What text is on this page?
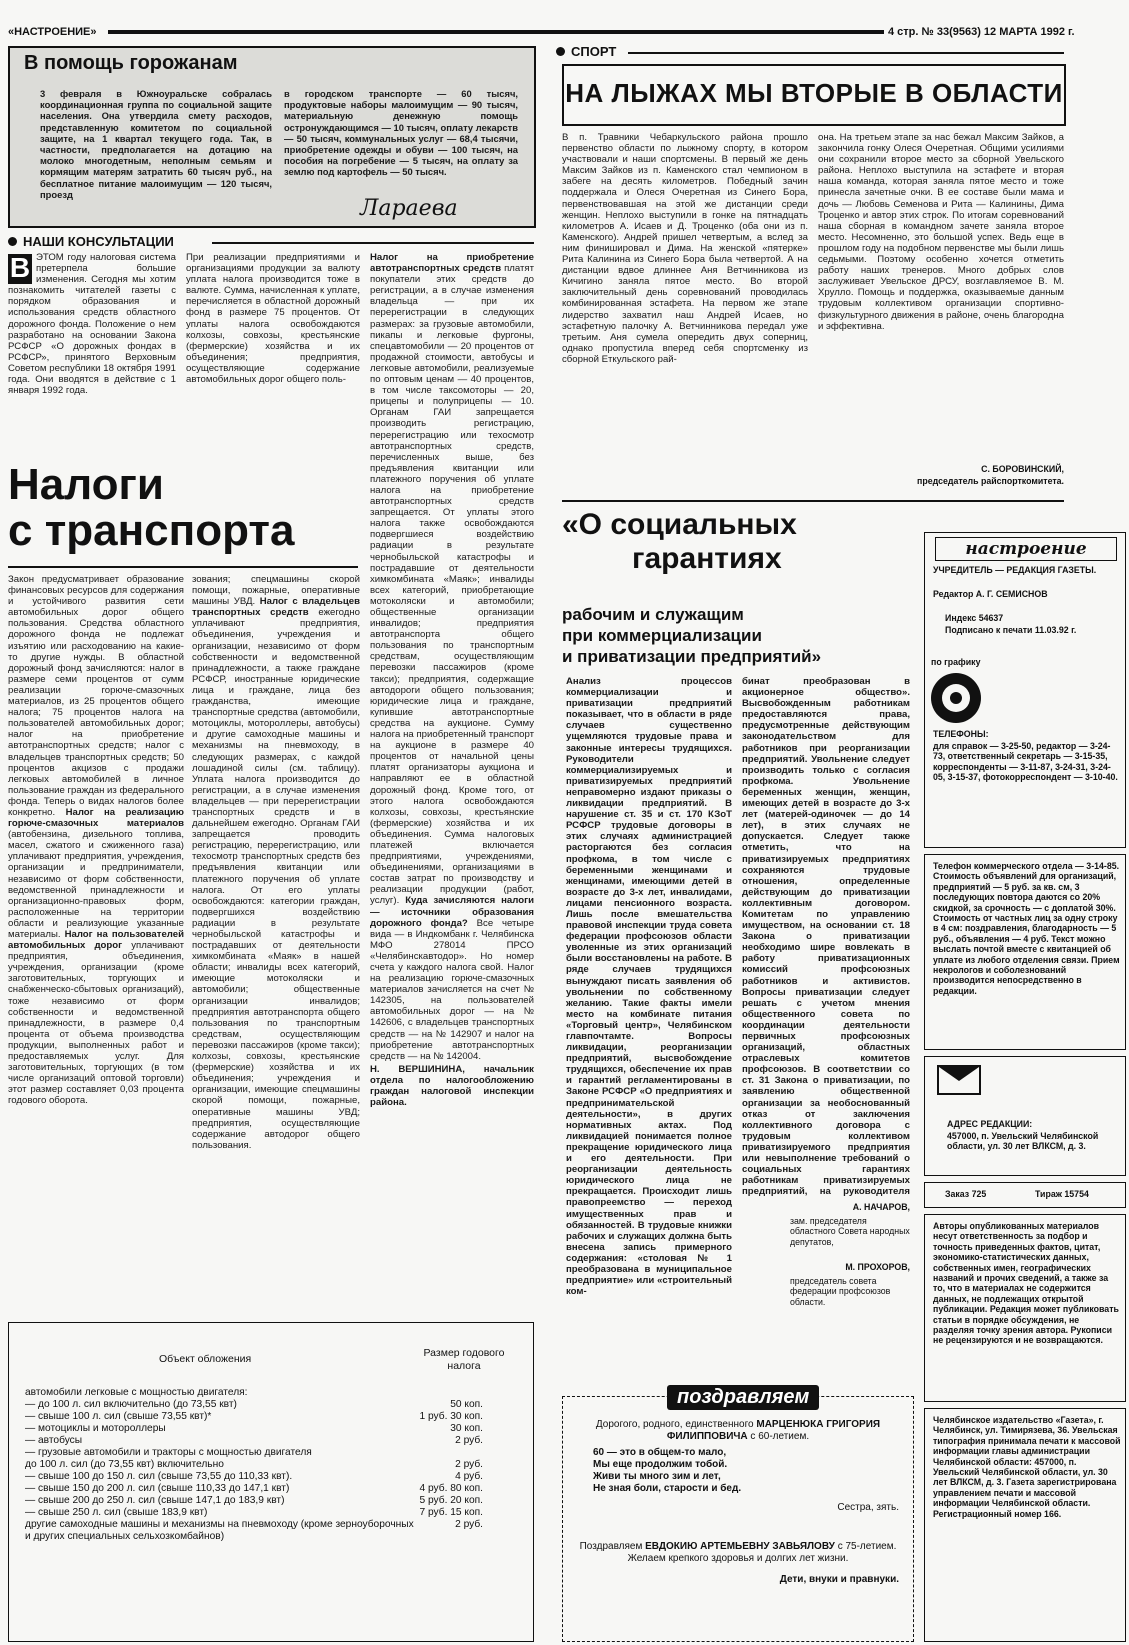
«НАСТРОЕНИЕ»	4 стр. № 33(9563) 12 МАРТА 1992 г.
В помощь горожанам
3 февраля в Южноуральске собралась координационная группа по социальной защите населения. Она утвердила смету расходов, представленную комитетом по социальной защите, на 1 квартал текущего года. Так, в частности, предполагается на дотацию на молоко многодетным, неполным семьям и кормящим матерям затратить 60 тысяч руб., на бесплатное питание малоимущим — 120 тысяч, проезд
в городском транспорте — 60 тысяч, продуктовые наборы малоимущим — 90 тысяч, материальную денежную помощь остронуждающимся — 10 тысяч, оплату лекарств — 50 тысяч, коммунальных услуг — 68,4 тысячи, приобретение одежды и обуви — 100 тысяч, на пособия на погребение — 5 тысяч, на оплату за землю под картофель — 50 тысяч.
Лараева
НАШИ КОНСУЛЬТАЦИИ
В ЭТОМ году налоговая система претерпела большие изменения. Сегодня мы хотим познакомить читателей газеты с порядком образования и использования средств областного дорожного фонда. Положение о нем разработано на основании Закона РСФСР «О дорожных фондах в РСФСР», принятого Верховным Советом республики 18 октября 1991 года. Они вводятся в действие с 1 января 1992 года.
При реализации предприятиями и организациями продукции за валюту уплата налога производится тоже в валюте. Сумма, начисленная к уплате, перечисляется в областной дорожный фонд в размере 75 процентов. От уплаты налога освобождаются колхозы, совхозы, крестьянские (фермерские) хозяйства и их объединения; предприятия, осуществляющие содержание автомобильных дорог общего поль-
Налог на приобретение автотранспортных средств платят покупатели этих средств до регистрации, а в случае изменения владельца — при их перерегистрации в следующих размерах: за грузовые автомобили, пикапы и легковые фургоны, спецавтомобили — 20 процентов от продажной стоимости, автобусы и легковые автомобили, реализуемые по оптовым ценам — 40 процентов, в том числе таксомоторы — 20, прицепы и полуприцепы — 10. Органам ГАИ запрещается производить регистрацию, перерегистрацию или техосмотр автотранспортных средств, перечисленных выше, без предъявления квитанции или платежного поручения об уплате налога на приобретение автотранспортных средств запрещается. От уплаты этого налога также освобождаются подвергшиеся воздействию радиации в результате чернобыльской катастрофы и пострадавшие от деятельности химкомбината «Маяк»; инвалиды всех категорий, приобретающие мотоколяски и автомобили; общественные организации инвалидов; предприятия автотранспорта общего пользования по транспортным средствам, осуществляющим перевозки пассажиров (кроме такси); предприятия, содержащие автодороги общего пользования; юридические лица и граждане, купившие автотранспортные средства на аукционе. Сумму налога на приобретенный транспорт на аукционе в размере 40 процентов от начальной цены платят организаторы аукциона и направляют ее в областной дорожный фонд. Кроме того, от этого налога освобождаются колхозы, совхозы, крестьянские (фермерские) хозяйства и их объединения. Сумма налоговых платежей включается предприятиями, учреждениями, объединениями, организациями в состав затрат по производству и реализации продукции (работ, услуг). Куда зачисляются налоги — источники образования дорожного фонда? Все четыре вида — в Индкомбанк г. Челябинска МФО 278014 ПРСО «Челябинскавтодор». Но номер счета у каждого налога свой. Налог на реализацию горюче-смазочных материалов зачисляется на счет № 142305, на пользователей автомобильных дорог — на № 142606, с владельцев транспортных средств — на № 142907 и налог на приобретение автотранспортных средств — на № 142004.
Н. ВЕРШИНИНА, начальник отдела по налогообложению граждан налоговой инспекции района.
Налоги
с транспорта
Закон предусматривает образование финансовых ресурсов для содержания и устойчивого развития сети автомобильных дорог общего пользования. Средства областного дорожного фонда не подлежат изъятию или расходованию на какие-то другие нужды. В областной дорожный фонд зачисляются: налог в размере семи процентов от сумм реализации горюче-смазочных материалов, из 25 процентов общего налога; 75 процентов налога на пользователей автомобильных дорог; налог на приобретение автотранспортных средств; налог с владельцев транспортных средств; 50 процентов акцизов с продажи легковых автомобилей в личное пользование граждан из федерального фонда. Теперь о видах налогов более конкретно. Налог на реализацию горюче-смазочных материалов (автобензина, дизельного топлива, масел, сжатого и сжиженного газа) уплачивают предприятия, учреждения, организации и предприниматели, независимо от форм собственности, ведомственной принадлежности и организационно-правовых форм, расположенные на территории области и реализующие указанные материалы. Налог на пользователей автомобильных дорог уплачивают предприятия, объединения, учреждения, организации (кроме заготовительных, торгующих и снабженческо-сбытовых организаций), тоже независимо от форм собственности и ведомственной принадлежности, в размере 0,4 процента от объема производства продукции, выполненных работ и предоставляемых услуг. Для заготовительных, торгующих (в том числе организаций оптовой торговли) этот размер составляет 0,03 процента годового оборота.
зования; спецмашины скорой помощи, пожарные, оперативные машины УВД. Налог с владельцев транспортных средств ежегодно уплачивают предприятия, объединения, учреждения и организации, независимо от форм собственности и ведомственной принадлежности, а также граждане РСФСР, иностранные юридические лица и граждане, лица без гражданства, имеющие транспортные средства (автомобили, мотоциклы, мотороллеры, автобусы) и другие самоходные машины и механизмы на пневмоходу, в следующих размерах, с каждой лошадиной силы (см. таблицу). Уплата налога производится до регистрации, а в случае изменения владельцев — при перерегистрации транспортных средств и в дальнейшем ежегодно. Органам ГАИ запрещается проводить регистрацию, перерегистрацию, или техосмотр транспортных средств без предъявления квитанции или платежного поручения об уплате налога. От его уплаты освобождаются: категории граждан, подвергшихся воздействию радиации в результате чернобыльской катастрофы и пострадавших от деятельности химкомбината «Маяк» в нашей области; инвалиды всех категорий, имеющие мотоколяски и автомобили; общественные организации инвалидов; предприятия автотранспорта общего пользования по транспортным средствам, осуществляющим перевозки пассажиров (кроме такси); колхозы, совхозы, крестьянские (фермерские) хозяйства и их объединения; учреждения и организации, имеющие спецмашины скорой помощи, пожарные, оперативные машины УВД; предприятия, осуществляющие содержание автодорог общего пользования.
Объект обложения	Размер годового налога
автомобили легковые с мощностью двигателя:	
— до 100 л. сил включительно (до 73,55 квт)	50 коп.
— свыше 100 л. сил (свыше 73,55 квт)*	1 руб. 30 коп.
— мотоциклы и мотороллеры	30 коп.
— автобусы	2 руб.
— грузовые автомобили и тракторы с мощностью двигателя	
до 100 л. сил (до 73,55 квт) включительно	2 руб.
— свыше 100 до 150 л. сил (свыше 73,55 до 110,33 квт).	4 руб.
— свыше 150 до 200 л. сил (свыше 110,33 до 147,1 квт)	4 руб. 80 коп.
— свыше 200 до 250 л. сил (свыше 147,1 до 183,9 квт)	5 руб. 20 коп.
— свыше 250 л. сил (свыше 183,9 квт)	7 руб. 15 коп.
другие самоходные машины и механизмы на пневмоходу (кроме зерноуборочных и других специальных сельхозкомбайнов)	2 руб.
СПОРТ
НА ЛЫЖАХ МЫ ВТОРЫЕ В ОБЛАСТИ
В п. Травники Чебаркульского района прошло первенство области по лыжному спорту, в котором участвовали и наши спортсмены. В первый же день Максим Зайков из п. Каменского стал чемпионом в забеге на десять километров. Победный зачин поддержала и Олеся Очеретная из Синего Бора, первенствовавшая на этой же дистанции среди женщин. Неплохо выступили в гонке на пятнадцать километров А. Исаев и Д. Троценко (оба они из п. Каменского). Андрей пришел четвертым, а вслед за ним финишировал и Дима. На женской «пятерке» Рита Калинина из Синего Бора была четвертой. А на дистанции вдвое длиннее Аня Ветчинникова из Кичигино заняла пятое место. Во второй заключительный день соревнований проводилась комбинированная эстафета. На первом же этапе лидерство захватил наш Андрей Исаев, но эстафетную палочку А. Ветчинникова передал уже третьим. Аня сумела опередить двух соперниц, однако пропустила вперед себя спортсменку из сборной Еткульского рай-
она. На третьем этапе за нас бежал Максим Зайков, а закончила гонку Олеся Очеретная. Общими усилиями они сохранили второе место за сборной Увельского района. Неплохо выступила на эстафете и вторая наша команда, которая заняла пятое место и тоже принесла зачетные очки. В ее составе были мама и дочь — Любовь Семенова и Рита — Калинины, Дима Троценко и автор этих строк. По итогам соревнований наша сборная в командном зачете заняла второе место. Несомненно, это большой успех. Ведь еще в прошлом году на подобном первенстве мы были лишь седьмыми. Поэтому особенно хочется отметить работу наших тренеров. Много добрых слов заслуживает Увельское ДРСУ, возглавляемое В. М. Хрулло. Помощь и поддержка, оказываемые данным трудовым коллективом организации спортивно-физкультурного движения в районе, очень благородна и эффективна.
С. БОРОВИНСКИЙ,
председатель райспорткомитета.
«О социальных
гарантиях
рабочим и служащим
при коммерциализации
и приватизации предприятий»
Анализ процессов коммерциализации и приватизации предприятий показывает, что в области в ряде случаев существенно ущемляются трудовые права и законные интересы трудящихся. Руководители коммерциализируемых и приватизируемых предприятий неправомерно издают приказы о ликвидации предприятий. В нарушение ст. 35 и ст. 170 КЗоТ РСФСР трудовые договоры в этих случаях администрацией расторгаются без согласия профкома, в том числе с беременными женщинами и женщинами, имеющими детей в возрасте до 3-х лет, инвалидами, лицами пенсионного возраста. Лишь после вмешательства правовой инспекции труда совета федерации профсоюзов области уволенные из этих организаций были восстановлены на работе. В ряде случаев трудящихся вынуждают писать заявления об увольнении по собственному желанию. Такие факты имели место на комбинате питания «Торговый центр», Челябинском главпочтамте. Вопросы ликвидации, реорганизации предприятий, высвобождение трудящихся, обеспечение их прав и гарантий регламентированы в Законе РСФСР «О предприятиях и предпринимательской деятельности», в других нормативных актах. Под ликвидацией понимается полное прекращение юридического лица и его деятельности. При реорганизации деятельность юридического лица не прекращается. Происходит лишь правопреемство — переход имущественных прав и обязанностей. В трудовые книжки рабочих и служащих должна быть внесена запись примерного содержания: «столовая № 1 преобразована в муниципальное предприятие» или «строительный ком-
бинат преобразован в акционерное общество». Высвобожденным работникам предоставляются права, предусмотренные действующим законодательством для работников при реорганизации предприятий. Увольнение следует производить только с согласия профкома. Увольнение беременных женщин, женщин, имеющих детей в возрасте до 3-х лет (матерей-одиночек — до 14 лет), в этих случаях не допускается. Следует также отметить, что на приватизируемых предприятиях сохраняются трудовые отношения, определенные действующим до приватизации коллективным договором. Комитетам по управлению имуществом, на основании ст. 18 Закона о приватизации необходимо шире вовлекать в работу приватизационных комиссий профсоюзных работников и активистов. Вопросы приватизации следует решать с учетом мнения общественного совета по координации деятельности первичных профсоюзных организаций, областных отраслевых комитетов профсоюзов. В соответствии со ст. 31 Закона о приватизации, по заявлению общественной организации за необоснованный отказ от заключения коллективного договора с трудовым коллективом приватизируемого предприятия или невыполнение требований о социальных гарантиях работникам приватизируемых предприятий, на руководителя
А. НАЧАРОВ,
зам. председателя областного Совета народных депутатов,
М. ПРОХОРОВ,
председатель совета федерации профсоюзов области.
поздравляем
Дорогого, родного, единственного МАРЦЕНЮКА ГРИГОРИЯ ФИЛИППОВИЧА с 60-летием.
60 — это в общем-то мало,
Мы еще продолжим тобой.
Живи ты много зим и лет,
Не зная боли, старости и бед.
Сестра, зять.
Поздравляем ЕВДОКИЮ АРТЕМЬЕВНУ ЗАВЬЯЛОВУ с 75-летием. Желаем крепкого здоровья и долгих лет жизни.
Дети, внуки и правнуки.
настроение
УЧРЕДИТЕЛЬ — РЕДАКЦИЯ ГАЗЕТЫ.
Редактор А. Г. СЕМИСНОВ
Индекс 54637
Подписано к печати 11.03.92 г.
по графику
ТЕЛЕФОНЫ:
для справок — 3-25-50, редактор — 3-24-73, ответственный секретарь — 3-15-35, корреспонденты — 3-11-87, 3-24-31, 3-24-05, 3-15-37, фотокорреспондент — 3-10-40.
Телефон коммерческого отдела — 3-14-85. Стоимость объявлений для организаций, предприятий — 5 руб. за кв. см, 3 последующих повтора даются со 20% скидкой, за срочность — с доплатой 30%. Стоимость от частных лиц за одну строку в 4 см: поздравления, благодарность — 5 руб., объявления — 4 руб. Текст можно выслать почтой вместе с квитанцией об уплате из любого отделения связи. Прием некрологов и соболезнований производится непосредственно в редакции.
АДРЕС РЕДАКЦИИ:
457000, п. Увельский Челябинской области, ул. 30 лет ВЛКСМ, д. 3.
Заказ 725	Тираж 15754
Авторы опубликованных материалов несут ответственность за подбор и точность приведенных фактов, цитат, экономико-статистических данных, собственных имен, географических названий и прочих сведений, а также за то, что в материалах не содержится данных, не подлежащих открытой публикации. Редакция может публиковать статьи в порядке обсуждения, не разделяя точку зрения автора. Рукописи не рецензируются и не возвращаются.
Челябинское издательство «Газета», г. Челябинск, ул. Тимирязева, 36. Увельская типография принимала печати к массовой информации главы администрации Челябинской области: 457000, п. Увельский Челябинской области, ул. 30 лет ВЛКСМ, д. 3. Газета зарегистрирована управлением печати и массовой информации Челябинской области. Регистрационный номер 166.
